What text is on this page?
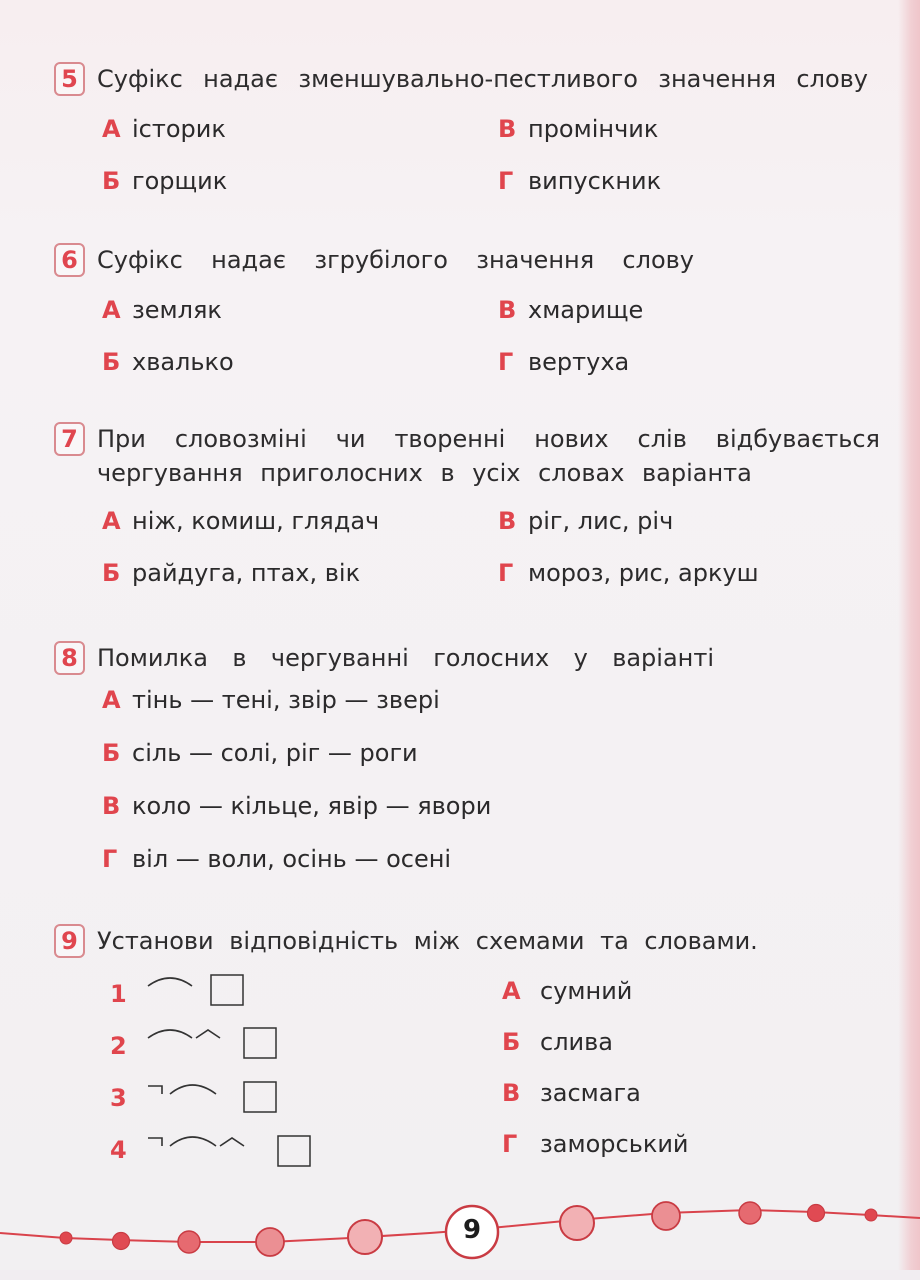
5 Суфікс надає зменшувально-пестливого значення слову
А історик
Б горщик
В промінчик
Г випускник
6 Суфікс надає згрубілого значення слову
А земляк
Б хвалько
В хмарище
Г вертуха
7 При словозміні чи творенні нових слів відбувається
чергування приголосних в усіх словах варіанта
А ніж, комиш, глядач
Б райдуга, птах, вік
В ріг, лис, річ
Г мороз, рис, аркуш
8 Помилка в чергуванні голосних у варіанті
А тінь — тені, звір — звері
Б сіль — солі, ріг — роги
В коло — кільце, явір — явори
Г віл — воли, осінь — осені
9 Установи відповідність між схемами та словами.
1
2
3
4
А сумний
Б слива
В засмага
Г заморський
9
